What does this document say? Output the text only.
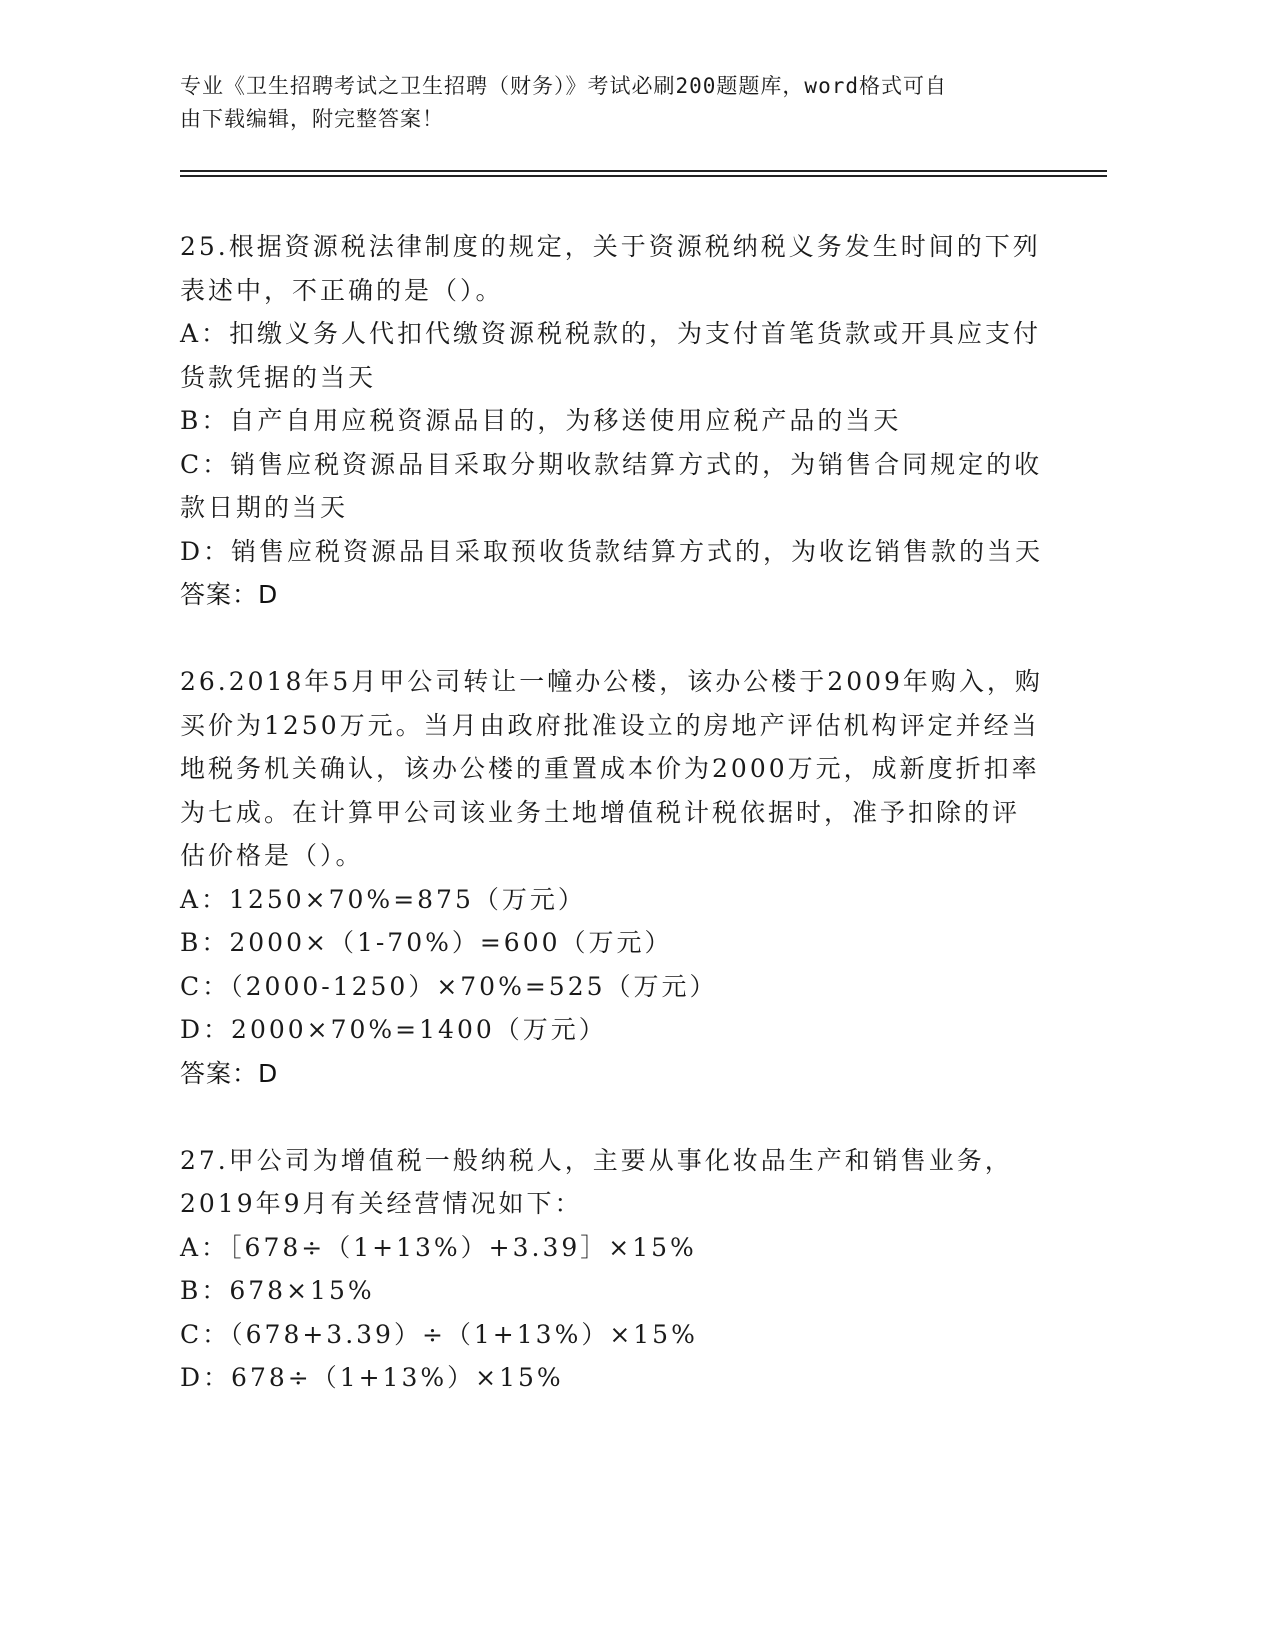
专业《卫生招聘考试之卫生招聘（财务）》考试必刷200题题库，word格式可自
由下载编辑，附完整答案！
25.根据资源税法律制度的规定，关于资源税纳税义务发生时间的下列
表述中，不正确的是（）。
A：扣缴义务人代扣代缴资源税税款的，为支付首笔货款或开具应支付
货款凭据的当天
B：自产自用应税资源品目的，为移送使用应税产品的当天
C：销售应税资源品目采取分期收款结算方式的，为销售合同规定的收
款日期的当天
D：销售应税资源品目采取预收货款结算方式的，为收讫销售款的当天
答案：D
26.2018年5月甲公司转让一幢办公楼，该办公楼于2009年购入，购
买价为1250万元。当月由政府批准设立的房地产评估机构评定并经当
地税务机关确认，该办公楼的重置成本价为2000万元，成新度折扣率
为七成。在计算甲公司该业务土地增值税计税依据时，准予扣除的评
估价格是（）。
A：1250×70%=875（万元）
B：2000×（1-70%）=600（万元）
C：（2000-1250）×70%=525（万元）
D：2000×70%=1400（万元）
答案：D
27.甲公司为增值税一般纳税人，主要从事化妆品生产和销售业务，
2019年9月有关经营情况如下：
A：［678÷（1+13%）+3.39］×15%
B：678×15%
C：（678+3.39）÷（1+13%）×15%
D：678÷（1+13%）×15%
